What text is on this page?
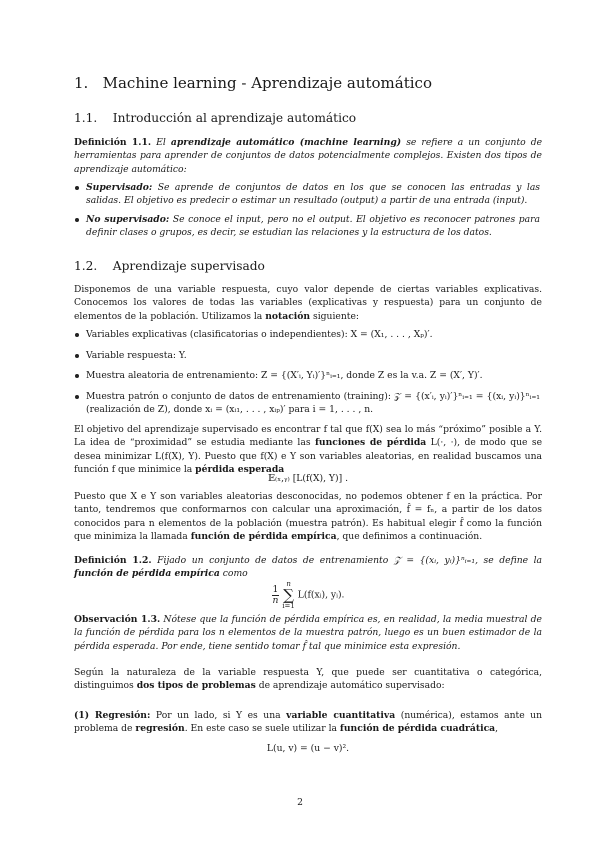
1. Machine learning - Aprendizaje automático
1.1. Introducción al aprendizaje automático
Definición 1.1. El aprendizaje automático (machine learning) se refiere a un conjunto de herramientas para aprender de conjuntos de datos potencialmente complejos. Existen dos tipos de aprendizaje automático:
Supervisado: Se aprende de conjuntos de datos en los que se conocen las entradas y las salidas. El objetivo es predecir o estimar un resultado (output) a partir de una entrada (input).
No supervisado: Se conoce el input, pero no el output. El objetivo es reconocer patrones para definir clases o grupos, es decir, se estudian las relaciones y la estructura de los datos.
1.2. Aprendizaje supervisado
Disponemos de una variable respuesta, cuyo valor depende de ciertas variables explicativas. Conocemos los valores de todas las variables (explicativas y respuesta) para un conjunto de elementos de la población. Utilizamos la notación siguiente:
Variables explicativas (clasificatorias o independientes): X = (X₁, . . . , Xₚ)′.
Variable respuesta: Y.
Muestra aleatoria de entrenamiento: Z = {(X′ᵢ, Yᵢ)′}ⁿᵢ₌₁, donde Z es la v.a. Z = (X′, Y)′.
Muestra patrón o conjunto de datos de entrenamiento (training): 𝒵 = {(x′ᵢ, yᵢ)′}ⁿᵢ₌₁ = {(xᵢ, yᵢ)}ⁿᵢ₌₁ (realización de Z), donde xᵢ = (xᵢ₁, . . . , xᵢₚ)′ para i = 1, . . . , n.
El objetivo del aprendizaje supervisado es encontrar f tal que f(X) sea lo más “próximo” posible a Y. La idea de “proximidad” se estudia mediante las funciones de pérdida L(·, ·), de modo que se desea minimizar L(f(X), Y). Puesto que f(X) e Y son variables aleatorias, en realidad buscamos una función f que minimice la pérdida esperada
𝔼₍ₓ,ᵧ₎ [L(f(X), Y)] .
Puesto que X e Y son variables aleatorias desconocidas, no podemos obtener f en la práctica. Por tanto, tendremos que conformarnos con calcular una aproximación, f̂ = fₙ, a partir de los datos conocidos para n elementos de la población (muestra patrón). Es habitual elegir f̂ como la función que minimiza la llamada función de pérdida empírica, que definimos a continuación.
Definición 1.2. Fijado un conjunto de datos de entrenamiento 𝒵 = {(xᵢ, yᵢ)}ⁿᵢ₌₁, se define la función de pérdida empírica como
$\frac{1}{n}$

n
∑
i=1
L(f(xᵢ), yᵢ).
Observación 1.3. Nótese que la función de pérdida empírica es, en realidad, la media muestral de la función de pérdida para los n elementos de la muestra patrón, luego es un buen estimador de la pérdida esperada. Por ende, tiene sentido tomar f̂ tal que minimice esta expresión.
Según la naturaleza de la variable respuesta Y, que puede ser cuantitativa o categórica, distinguimos dos tipos de problemas de aprendizaje automático supervisado:
(1) Regresión: Por un lado, si Y es una variable cuantitativa (numérica), estamos ante un problema de regresión. En este caso se suele utilizar la función de pérdida cuadrática,
L(u, v) = (u − v)².
2
